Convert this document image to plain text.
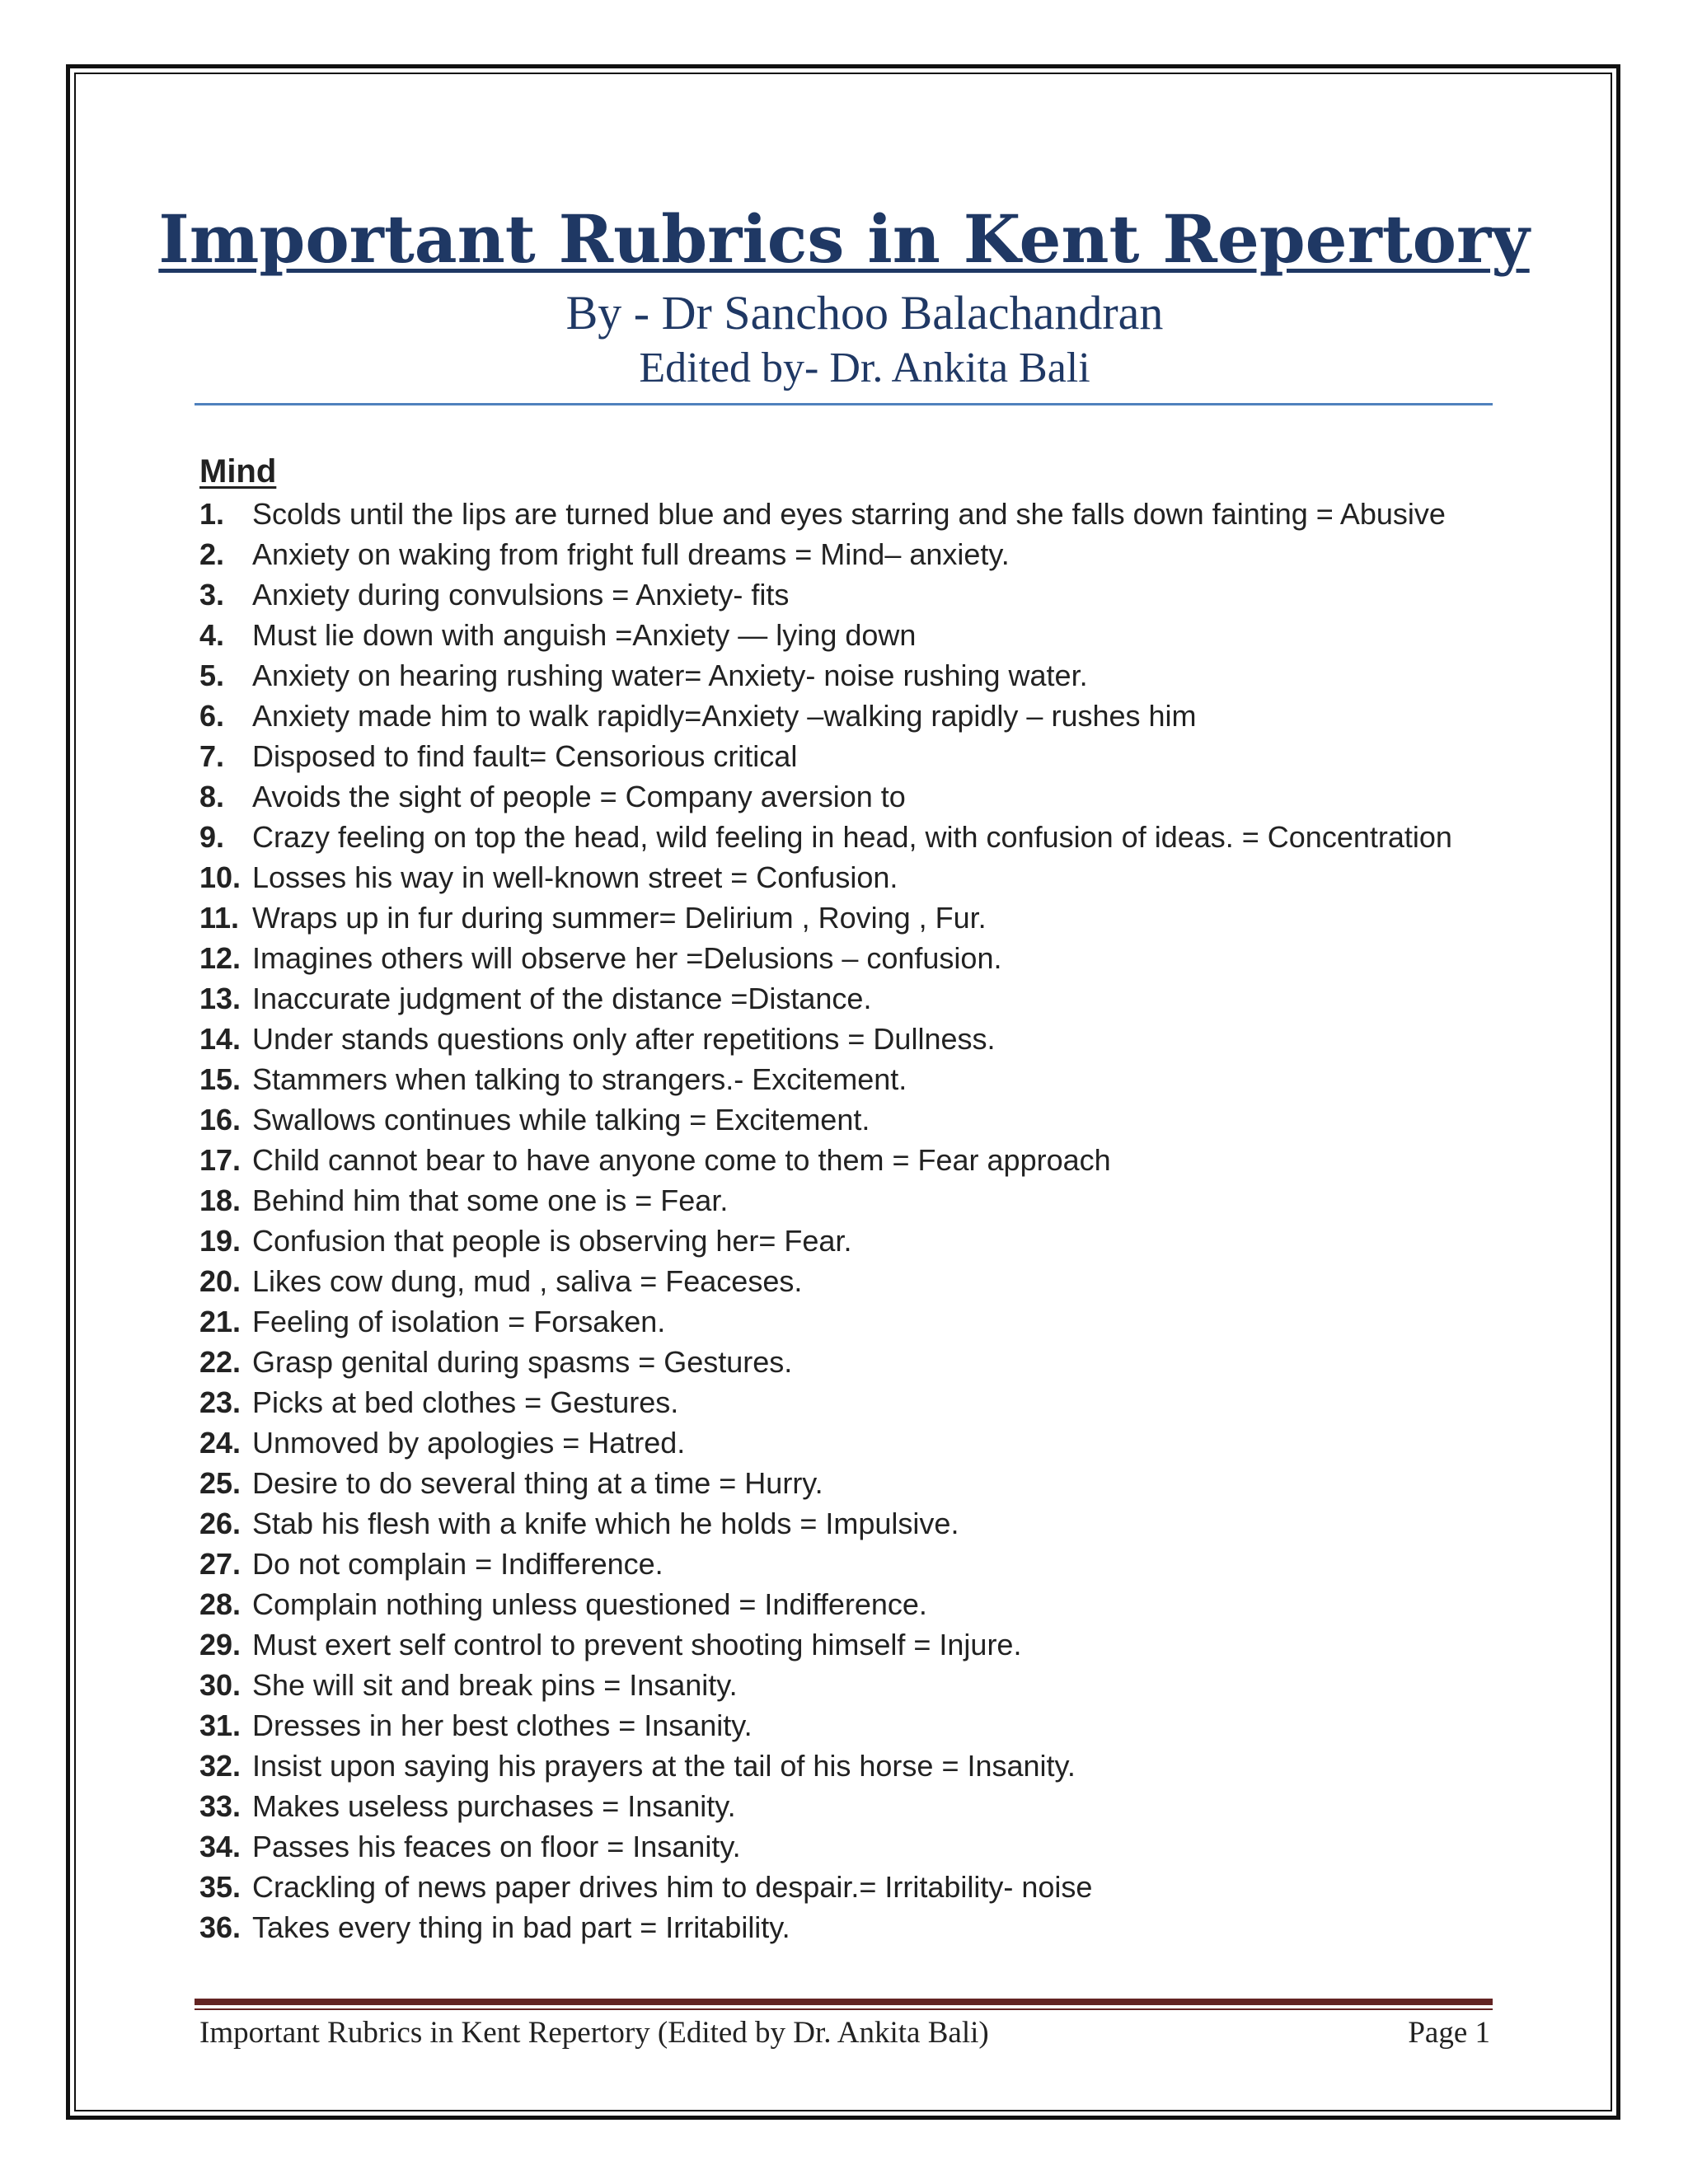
Important Rubrics in Kent Repertory
By - Dr Sanchoo Balachandran
Edited by- Dr. Ankita Bali
Mind
1. Scolds until the lips are turned blue and eyes starring and she falls down fainting = Abusive
2. Anxiety on waking from fright full dreams = Mind– anxiety.
3. Anxiety during convulsions = Anxiety- fits
4. Must lie down with anguish =Anxiety — lying down
5. Anxiety on hearing rushing water= Anxiety- noise rushing water.
6. Anxiety made him to walk rapidly=Anxiety –walking rapidly – rushes him
7. Disposed to find fault= Censorious critical
8. Avoids the sight of people = Company aversion to
9. Crazy feeling on top the head, wild feeling in head, with confusion of ideas. = Concentration
10. Losses his way in well-known street = Confusion.
11. Wraps up in fur during summer= Delirium , Roving , Fur.
12. Imagines others will observe her =Delusions – confusion.
13. Inaccurate judgment of the distance =Distance.
14. Under stands questions only after repetitions = Dullness.
15. Stammers when talking to strangers.- Excitement.
16. Swallows continues while talking = Excitement.
17. Child cannot bear to have anyone come to them = Fear approach
18. Behind him that some one is = Fear.
19. Confusion that people is observing her= Fear.
20. Likes cow dung, mud , saliva = Feaceses.
21. Feeling of isolation = Forsaken.
22. Grasp genital during spasms = Gestures.
23. Picks at bed clothes = Gestures.
24. Unmoved by apologies = Hatred.
25. Desire to do several thing at a time = Hurry.
26. Stab his flesh with a knife which he holds = Impulsive.
27. Do not complain = Indifference.
28. Complain nothing unless questioned = Indifference.
29. Must exert self control to prevent shooting himself = Injure.
30. She will sit and break pins = Insanity.
31. Dresses in her best clothes = Insanity.
32. Insist upon saying his prayers at the tail of his horse = Insanity.
33. Makes useless purchases = Insanity.
34. Passes his feaces on floor = Insanity.
35. Crackling of news paper drives him to despair.= Irritability- noise
36. Takes every thing in bad part = Irritability.
Important Rubrics in Kent Repertory (Edited by Dr. Ankita Bali)	Page 1
